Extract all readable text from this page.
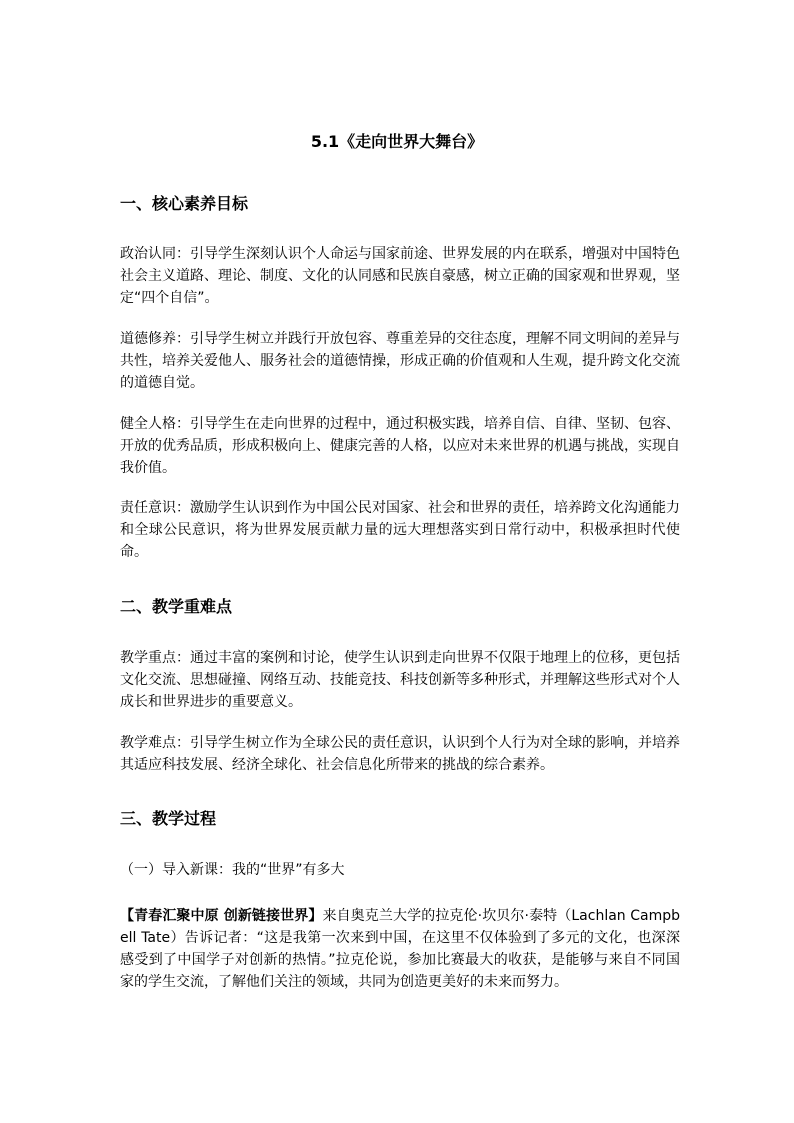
5.1《走向世界大舞台》
一、核心素养目标

政治认同：引导学生深刻认识个人命运与国家前途、世界发展的内在联系，增强对中国特色社会主义道路、理论、制度、文化的认同感和民族自豪感，树立正确的国家观和世界观，坚定“四个自信”。

道德修养：引导学生树立并践行开放包容、尊重差异的交往态度，理解不同文明间的差异与共性，培养关爱他人、服务社会的道德情操，形成正确的价值观和人生观，提升跨文化交流的道德自觉。

健全人格：引导学生在走向世界的过程中，通过积极实践，培养自信、自律、坚韧、包容、开放的优秀品质，形成积极向上、健康完善的人格，以应对未来世界的机遇与挑战，实现自我价值。

责任意识：激励学生认识到作为中国公民对国家、社会和世界的责任，培养跨文化沟通能力和全球公民意识，将为世界发展贡献力量的远大理想落实到日常行动中，积极承担时代使命。

二、教学重难点

教学重点：通过丰富的案例和讨论，使学生认识到走向世界不仅限于地理上的位移，更包括文化交流、思想碰撞、网络互动、技能竞技、科技创新等多种形式，并理解这些形式对个人成长和世界进步的重要意义。

教学难点：引导学生树立作为全球公民的责任意识，认识到个人行为对全球的影响，并培养其适应科技发展、经济全球化、社会信息化所带来的挑战的综合素养。

三、教学过程

（一）导入新课：我的“世界”有多大

【青春汇聚中原 创新链接世界】来自奥克兰大学的拉克伦·坎贝尔·泰特（Lachlan Campbell Tate）告诉记者：“这是我第一次来到中国，在这里不仅体验到了多元的文化，也深深感受到了中国学子对创新的热情。”拉克伦说，参加比赛最大的收获，是能够与来自不同国家的学生交流，了解他们关注的领域，共同为创造更美好的未来而努力。
